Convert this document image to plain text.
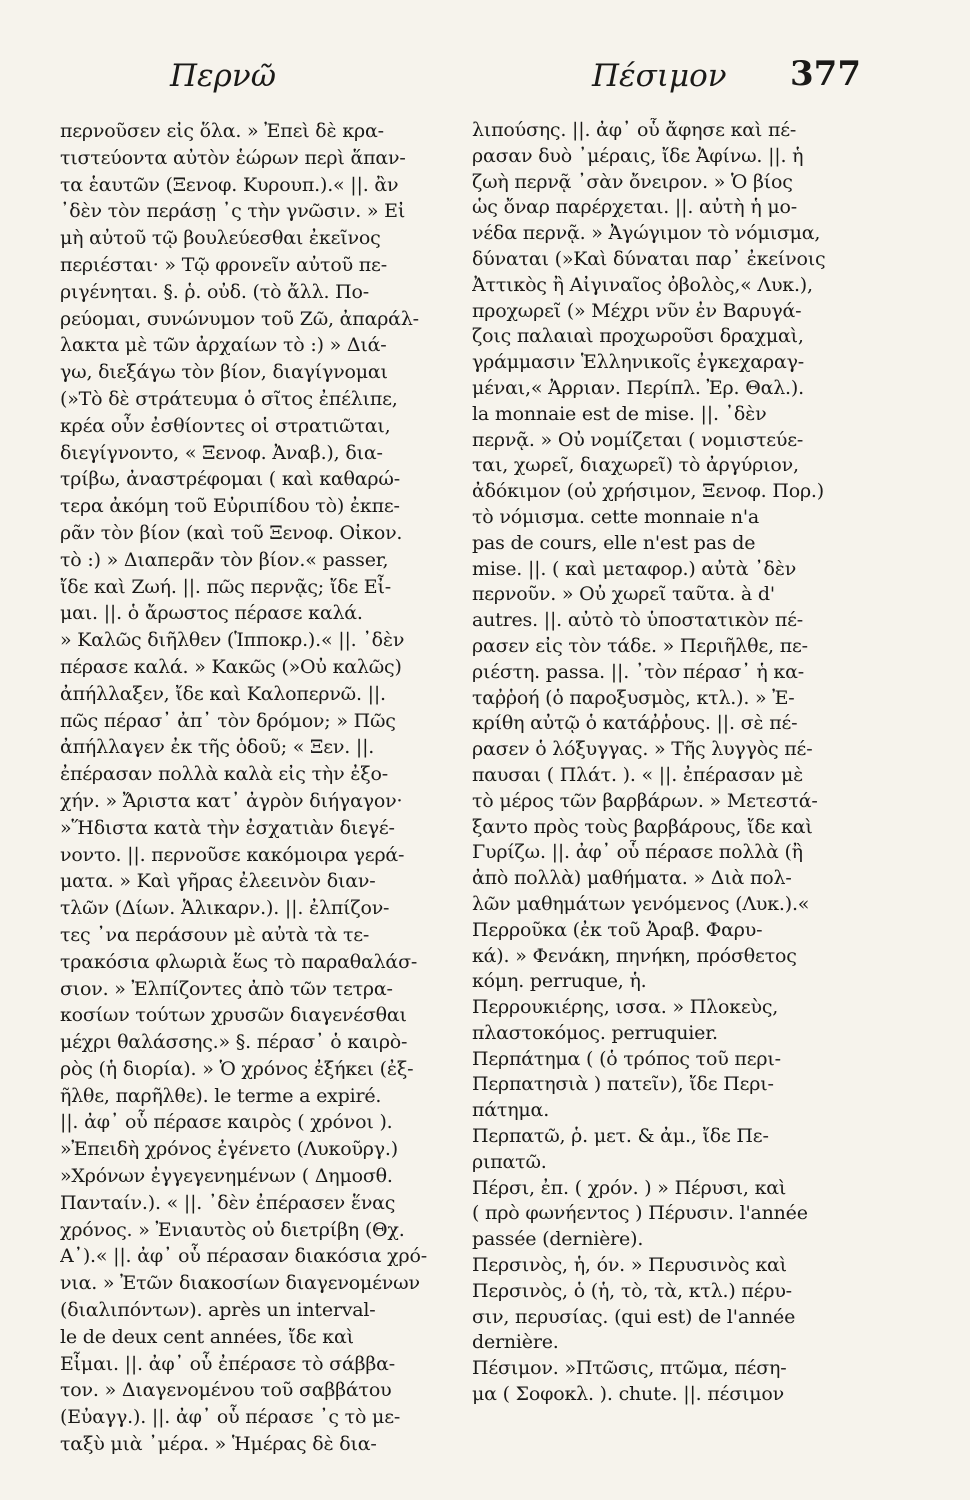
Περνῶ	Πέσιμον 377
περνοῦσεν εἰς ὅλα. » Ἐπεὶ δὲ κρα-
τιστεύοντα αὐτὸν ἑώρων περὶ ἅπαν-
τα ἑαυτῶν (Ξενοφ. Κυρουπ.).« ||. ἂν
᾿δὲν τὸν περάσῃ ᾿ς τὴν γνῶσιν. » Εἰ
μὴ αὐτοῦ τῷ βουλεύεσθαι ἐκεῖνος
περιέσται· » Τῷ φρονεῖν αὐτοῦ πε-
ριγένηται. §. ῥ. οὐδ. (τὸ ἄλλ. Πο-
ρεύομαι, συνώνυμον τοῦ Ζῶ, ἀπαράλ-
λακτα μὲ τῶν ἀρχαίων τὸ :) » Διά-
γω, διεξάγω τὸν βίον, διαγίγνομαι
(»Τὸ δὲ στράτευμα ὁ σῖτος ἐπέλιπε,
κρέα οὖν ἐσθίοντες οἱ στρατιῶται,
διεγίγνοντο, « Ξενοφ. Ἀναβ.), δια-
τρίβω, ἀναστρέφομαι ( καὶ καθαρώ-
τερα ἀκόμη τοῦ Εὐριπίδου τὸ) ἐκπε-
ρᾶν τὸν βίον (καὶ τοῦ Ξενοφ. Οἰκον.
τὸ :) » Διαπερᾶν τὸν βίον.« passer,
ἴδε καὶ Ζωή. ||. πῶς περνᾷς; ἴδε Εἶ-
μαι. ||. ὁ ἄρωστος πέρασε καλά.
» Καλῶς διῆλθεν (Ἱπποκρ.).« ||. ᾿δὲν
πέρασε καλά. » Κακῶς (»Οὐ καλῶς)
ἀπήλλαξεν, ἴδε καὶ Καλοπερνῶ. ||.
πῶς πέρασ᾿ ἀπ᾿ τὸν δρόμον; » Πῶς
ἀπήλλαγεν ἐκ τῆς ὁδοῦ; « Ξεν. ||.
ἐπέρασαν πολλὰ καλὰ εἰς τὴν ἐξο-
χήν. » Ἄριστα κατ᾿ ἀγρὸν διήγαγον·
»Ἥδιστα κατὰ τὴν ἐσχατιὰν διεγέ-
νοντο. ||. περνοῦσε κακόμοιρα γερά-
ματα. » Καὶ γῆρας ἐλεεινὸν διαν-
τλῶν (Δίων. Ἁλικαρν.). ||. ἐλπίζον-
τες ᾿να περάσουν μὲ αὐτὰ τὰ τε-
τρακόσια φλωριὰ ἕως τὸ παραθαλάσ-
σιον. » Ἐλπίζοντες ἀπὸ τῶν τετρα-
κοσίων τούτων χρυσῶν διαγενέσθαι
μέχρι θαλάσσης.» §. πέρασ᾿ ὁ καιρὸ-
ρὸς (ἡ διορία). » Ὁ χρόνος ἐξήκει (ἐξ-
ῆλθε, παρῆλθε). le terme a expiré.
||. ἀφ᾿ οὗ πέρασε καιρὸς ( χρόνοι ).
»Ἐπειδὴ χρόνος ἐγένετο (Λυκοῦργ.)
»Χρόνων ἐγγεγενημένων ( Δημοσθ.
Πανταίν.). « ||. ᾿δὲν ἐπέρασεν ἕνας
χρόνος. » Ἐνιαυτὸς οὐ διετρίβη (Θχ.
Α᾿).« ||. ἀφ᾿ οὗ πέρασαν διακόσια χρό-
νια. » Ἐτῶν διακοσίων διαγενομένων
(διαλιπόντων). après un interval-
le de deux cent années, ἴδε καὶ
Εἶμαι. ||. ἀφ᾿ οὗ ἐπέρασε τὸ σάββα-
τον. » Διαγενομένου τοῦ σαββάτου
(Εὐαγγ.). ||. ἀφ᾿ οὗ πέρασε ᾿ς τὸ με-
ταξὺ μιὰ ᾿μέρα. » Ἡμέρας δὲ δια-
λιπούσης. ||. ἀφ᾿ οὗ ἄφησε καὶ πέ-
ρασαν δυὸ ᾿μέραις, ἴδε Ἀφίνω. ||. ἡ
ζωὴ περνᾷ ᾿σὰν ὄνειρον. » Ὁ βίος
ὡς ὄναρ παρέρχεται. ||. αὐτὴ ἡ μο-
νέδα περνᾷ. » Ἀγώγιμον τὸ νόμισμα,
δύναται (»Καὶ δύναται παρ᾿ ἐκείνοις
Ἀττικὸς ἢ Αἰγιναῖος ὀβολὸς,« Λυκ.),
προχωρεῖ (» Μέχρι νῦν ἐν Βαρυγά-
ζοις παλαιαὶ προχωροῦσι δραχμαὶ,
γράμμασιν Ἑλληνικοῖς ἐγκεχαραγ-
μέναι,« Ἀρριαν. Περίπλ. Ἐρ. Θαλ.).
la monnaie est de mise. ||. ᾿δὲν
περνᾷ. » Οὐ νομίζεται ( νομιστεύε-
ται, χωρεῖ, διαχωρεῖ) τὸ ἀργύριον,
ἀδόκιμον (οὐ χρήσιμον, Ξενοφ. Πορ.)
τὸ νόμισμα. cette monnaie n'a
pas de cours, elle n'est pas de
mise. ||. ( καὶ μεταφορ.) αὐτὰ ᾿δὲν
περνοῦν. » Οὐ χωρεῖ ταῦτα. à d'
autres. ||. αὐτὸ τὸ ὑποστατικὸν πέ-
ρασεν εἰς τὸν τάδε. » Περιῆλθε, πε-
ριέστη. passa. ||. ᾿τὸν πέρασ᾿ ἡ κα-
ταῤῥοή (ὁ παροξυσμὸς, κτλ.). » Ἐ-
κρίθη αὐτῷ ὁ κατάῤῥους. ||. σὲ πέ-
ρασεν ὁ λόξυγγας. » Τῆς λυγγὸς πέ-
παυσαι ( Πλάτ. ). « ||. ἐπέρασαν μὲ
τὸ μέρος τῶν βαρβάρων. » Μετεστά-
ξαντο πρὸς τοὺς βαρβάρους, ἴδε καὶ
Γυρίζω. ||. ἀφ᾿ οὗ πέρασε πολλὰ (ἢ
ἀπὸ πολλὰ) μαθήματα. » Διὰ πολ-
λῶν μαθημάτων γενόμενος (Λυκ.).«
Περροῦκα (ἐκ τοῦ Ἀραβ. Φαρυ-
κά). » Φενάκη, πηνήκη, πρόσθετος
κόμη. perruque, ἡ.
Περρουκιέρης, ισσα. » Πλοκεὺς,
πλαστοκόμος. perruquier.
Περπάτημα ( (ὁ τρόπος τοῦ περι-
Περπατησιὰ ) πατεῖν), ἴδε Περι-
πάτημα.
Περπατῶ, ῥ. μετ. & ἀμ., ἴδε Πε-
ριπατῶ.
Πέρσι, ἐπ. ( χρόν. ) » Πέρυσι, καὶ
( πρὸ φωνήεντος ) Πέρυσιν. l'année
passée (dernière).
Περσινὸς, ἡ, όν. » Περυσινὸς καὶ
Περσινὸς, ὁ (ἡ, τὸ, τὰ, κτλ.) πέρυ-
σιν, περυσίας. (qui est) de l'année
dernière.
Πέσιμον. »Πτῶσις, πτῶμα, πέση-
μα ( Σοφοκλ. ). chute. ||. πέσιμον
